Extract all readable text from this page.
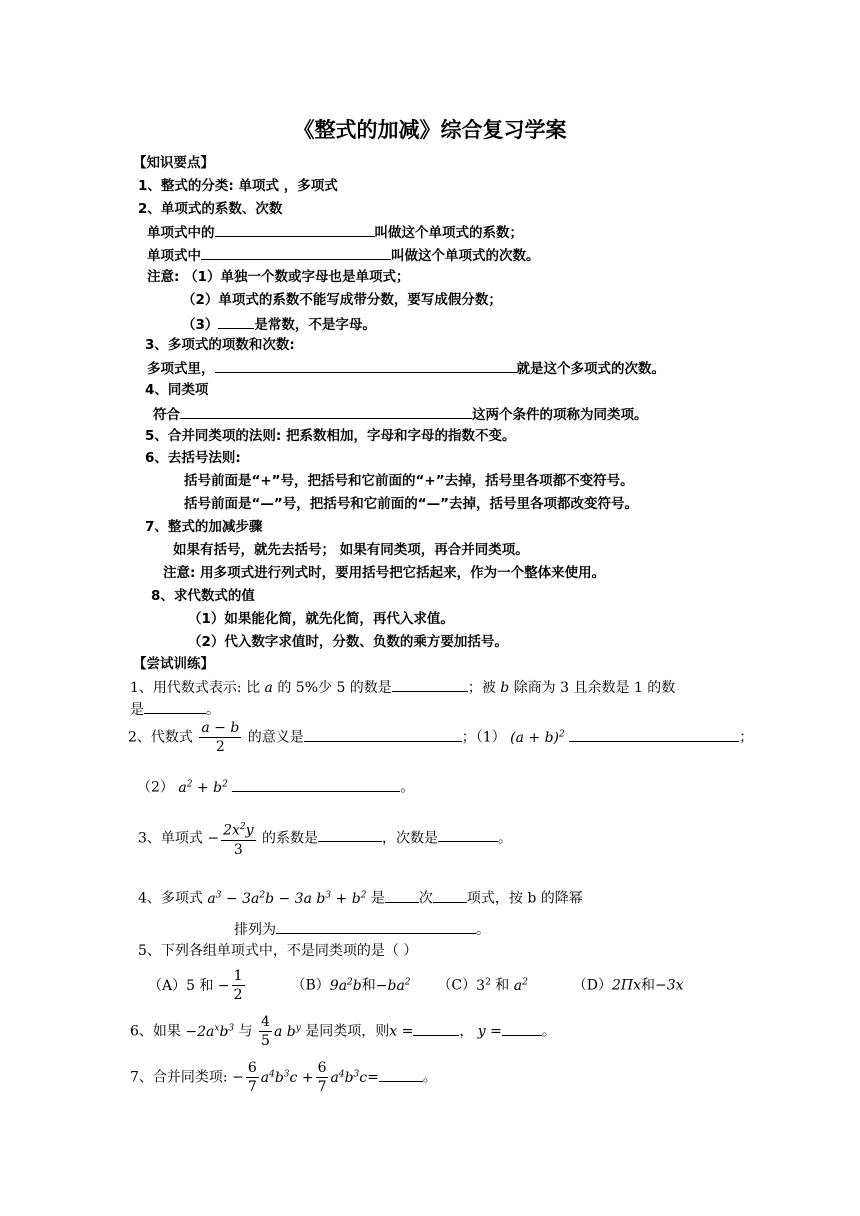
《整式的加减》综合复习学案
【知识要点】
1、整式的分类: 单项式 ，多项式
2、单项式的系数、次数
单项式中的	叫做这个单项式的系数；
单项式中	叫做这个单项式的次数。
注意: （1）单独一个数或字母也是单项式；
（2）单项式的系数不能写成带分数，要写成假分数；
（3）	是常数，不是字母。
3、多项式的项数和次数:
多项式里，	就是这个多项式的次数。
4、同类项
符合	这两个条件的项称为同类项。
5、合并同类项的法则: 把系数相加，字母和字母的指数不变。
6、去括号法则:
括号前面是“+”号，把括号和它前面的“+”去掉，括号里各项都不变符号。
括号前面是“—”号，把括号和它前面的“—”去掉，括号里各项都改变符号。
7、整式的加减步骤
如果有括号，就先去括号； 如果有同类项，再合并同类项。
注意: 用多项式进行列式时，要用括号把它括起来，作为一个整体来使用。
8、求代数式的值
（1）如果能化简，就先化简，再代入求值。
（2）代入数字求值时，分数、负数的乘方要加括号。
【尝试训练】
1、用代数式表示: 比 a 的 5%少 5 的数是	；被 b 除商为 3 且余数是 1 的数
是	。
2、代数式 $\frac{a - b}{2}$ 的意义是	；（1） $(a + b)^2$	；
（2） $a^2 + b^2$	。
3、单项式 − $\frac{2x^2y}{3}$ 的系数是	，次数是	。
4、多项式 $a^3 - 3a^2b - 3a$ $b^3 + b^2$ 是 次 项式，按 b 的降幂
排列为	。
5、下列各组单项式中，不是同类项的是（ ）
（A）5 和 − $\frac{1}{2}$	$(B)9a^2b$和$-ba^2$ $(C)3^2$ 和 $a^2$	（D）2Πx和−3x
6、如果 $-2a^xb^3$ 与 $\frac{4}{5}$ a $b^y$ 是同类项，则x =	， y =	。
7、合并同类项: − $\frac{6}{7} a^4b^3c + \frac{6}{7} a^4b^3c=$	。
